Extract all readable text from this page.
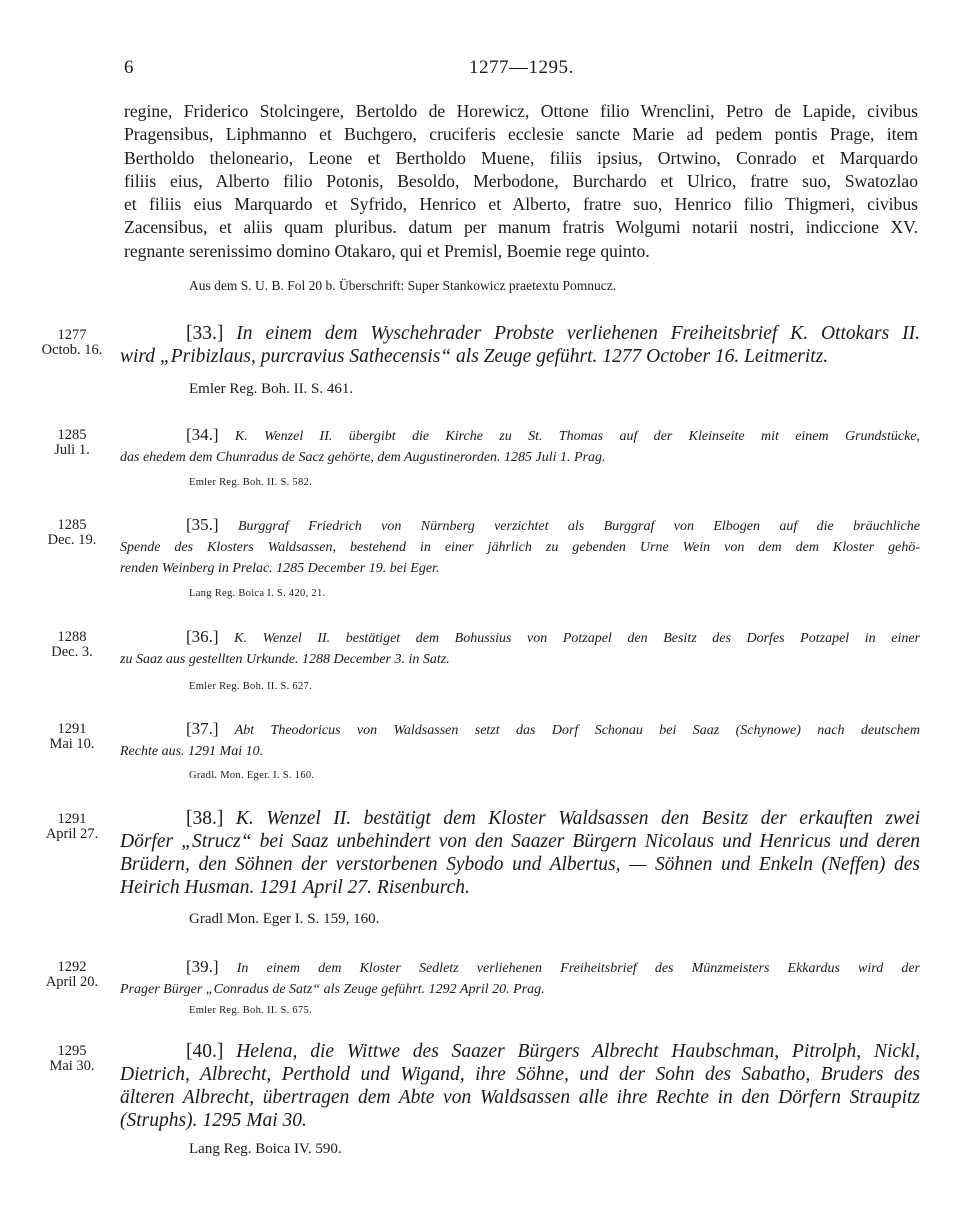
6	1277—1295.
regine, Friderico Stolcingere, Bertoldo de Horewicz, Ottone filio Wrenclini, Petro de Lapide, civibus
Pragensibus, Liphmanno et Buchgero, cruciferis ecclesie sancte Marie ad pedem pontis Prage, item
Bertholdo theloneario, Leone et Bertholdo Muene, filiis ipsius, Ortwino, Conrado et Marquardo
filiis eius, Alberto filio Potonis, Besoldo, Merbodone, Burchardo et Ulrico, fratre suo, Swatozlao
et filiis eius Marquardo et Syfrido, Henrico et Alberto, fratre suo, Henrico filio Thigmeri, civibus
Zacensibus, et aliis quam pluribus. datum per manum fratris Wolgumi notarii nostri, indiccione XV.
regnante serenissimo domino Otakaro, qui et Premisl, Boemie rege quinto.
Aus dem S. U. B. Fol 20 b. Überschrift: Super Stankowicz praetextu Pomnucz.
1277
Octob. 16.
[33.] In einem dem Wyschehrader Probste verliehenen Freiheitsbrief K. Ottokars II.
wird „Pribizlaus, purcravius Sathecensis“ als Zeuge geführt. 1277 October 16. Leitmeritz.
Emler Reg. Boh. II. S. 461.
1285
Juli 1.
[34.] K. Wenzel II. übergibt die Kirche zu St. Thomas auf der Kleinseite mit einem Grundstücke,
das ehedem dem Chunradus de Sacz gehörte, dem Augustinerorden. 1285 Juli 1. Prag.
Emler Reg. Boh. II. S. 582.
1285
Dec. 19.
[35.] Burggraf Friedrich von Nürnberg verzichtet als Burggraf von Elbogen auf die bräuchliche
Spende des Klosters Waldsassen, bestehend in einer jährlich zu gebenden Urne Wein von dem dem Kloster gehö-
renden Weinberg in Prelac. 1285 December 19. bei Eger.
Lang Reg. Boica I. S. 420, 21.
1288
Dec. 3.
[36.] K. Wenzel II. bestätiget dem Bohussius von Potzapel den Besitz des Dorfes Potzapel in einer
zu Saaz aus gestellten Urkunde. 1288 December 3. in Satz.
Emler Reg. Boh. II. S. 627.
1291
Mai 10.
[37.] Abt Theodoricus von Waldsassen setzt das Dorf Schonau bei Saaz (Schynowe) nach deutschem
Rechte aus. 1291 Mai 10.
Gradl. Mon. Eger. I. S. 160.
1291
April 27.
[38.] K. Wenzel II. bestätigt dem Kloster Waldsassen den Besitz der erkauften zwei
Dörfer „Strucz“ bei Saaz unbehindert von den Saazer Bürgern Nicolaus und Henricus und deren
Brüdern, den Söhnen der verstorbenen Sybodo und Albertus, — Söhnen und Enkeln (Neffen) des
Heirich Husman. 1291 April 27. Risenburch.
Gradl Mon. Eger I. S. 159, 160.
1292
April 20.
[39.] In einem dem Kloster Sedletz verliehenen Freiheitsbrief des Münzmeisters Ekkardus wird der
Prager Bürger „Conradus de Satz“ als Zeuge geführt. 1292 April 20. Prag.
Emler Reg. Boh. II. S. 675.
1295
Mai 30.
[40.] Helena, die Wittwe des Saazer Bürgers Albrecht Haubschman, Pitrolph, Nickl,
Dietrich, Albrecht, Perthold und Wigand, ihre Söhne, und der Sohn des Sabatho, Bruders des
älteren Albrecht, übertragen dem Abte von Waldsassen alle ihre Rechte in den Dörfern Straupitz
(Struphs). 1295 Mai 30.
Lang Reg. Boica IV. 590.
